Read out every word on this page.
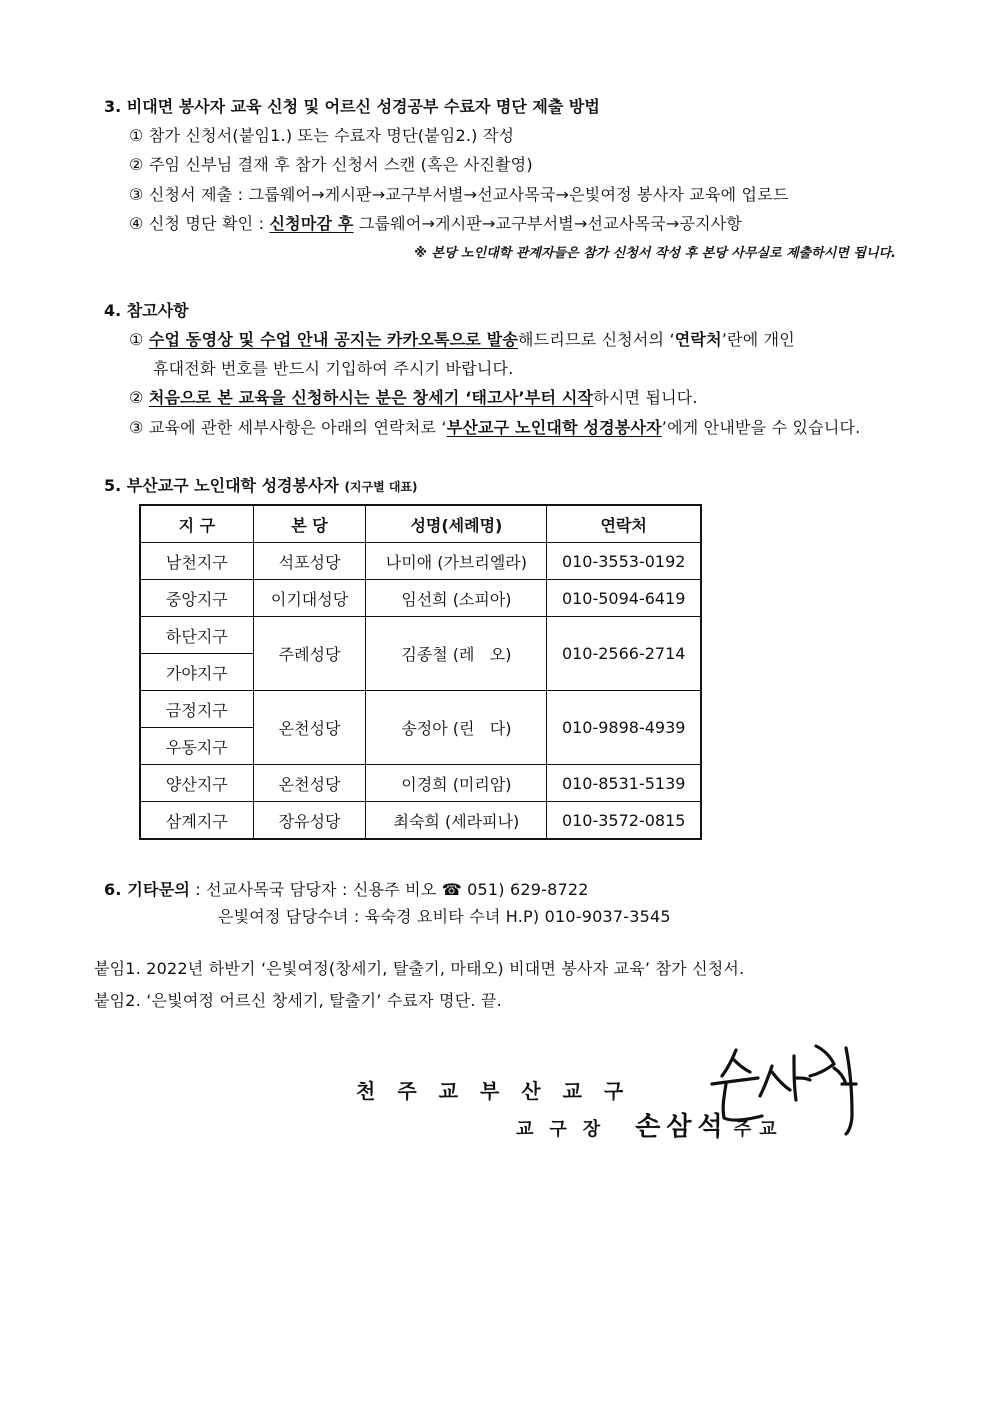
3. 비대면 봉사자 교육 신청 및 어르신 성경공부 수료자 명단 제출 방법
① 참가 신청서(붙임1.) 또는 수료자 명단(붙임2.) 작성
② 주임 신부님 결재 후 참가 신청서 스캔 (혹은 사진촬영)
③ 신청서 제출 : 그룹웨어→게시판→교구부서별→선교사목국→은빛여정 봉사자 교육에 업로드
④ 신청 명단 확인 : 신청마감 후 그룹웨어→게시판→교구부서별→선교사목국→공지사항
※ 본당 노인대학 관계자들은 참가 신청서 작성 후 본당 사무실로 제출하시면 됩니다.
4. 참고사항
① 수업 동영상 및 수업 안내 공지는 카카오톡으로 발송해드리므로 신청서의 ‘연락처’란에 개인
휴대전화 번호를 반드시 기입하여 주시기 바랍니다.
② 처음으로 본 교육을 신청하시는 분은 창세기 ‘태고사’부터 시작하시면 됩니다.
③ 교육에 관한 세부사항은 아래의 연락처로 ‘부산교구 노인대학 성경봉사자’에게 안내받을 수 있습니다.
5. 부산교구 노인대학 성경봉사자 (지구별 대표)
지 구	본 당	성명(세례명)	연락처
남천지구	석포성당	나미애 (가브리엘라)	010-3553-0192
중앙지구	이기대성당	임선희 (소피아)	010-5094-6419
하단지구	주례성당	김종철 (레   오)	010-2566-2714
가야지구			
금정지구	온천성당	송정아 (린   다)	010-9898-4939
우동지구			
양산지구	온천성당	이경희 (미리암)	010-8531-5139
삼계지구	장유성당	최숙희 (세라피나)	010-3572-0815
6. 기타문의 : 선교사목국 담당자 : 신용주 비오 ☎ 051) 629-8722
은빛여정 담당수녀 : 육숙경 요비타 수녀 H.P) 010-9037-3545
붙임1. 2022년 하반기 ‘은빛여정(창세기, 탈출기, 마태오) 비대면 봉사자 교육’ 참가 신청서.
붙임2. ‘은빛여정 어르신 창세기, 탈출기’ 수료자 명단. 끝.
천주교부산교구
교구장 손삼석 주교
